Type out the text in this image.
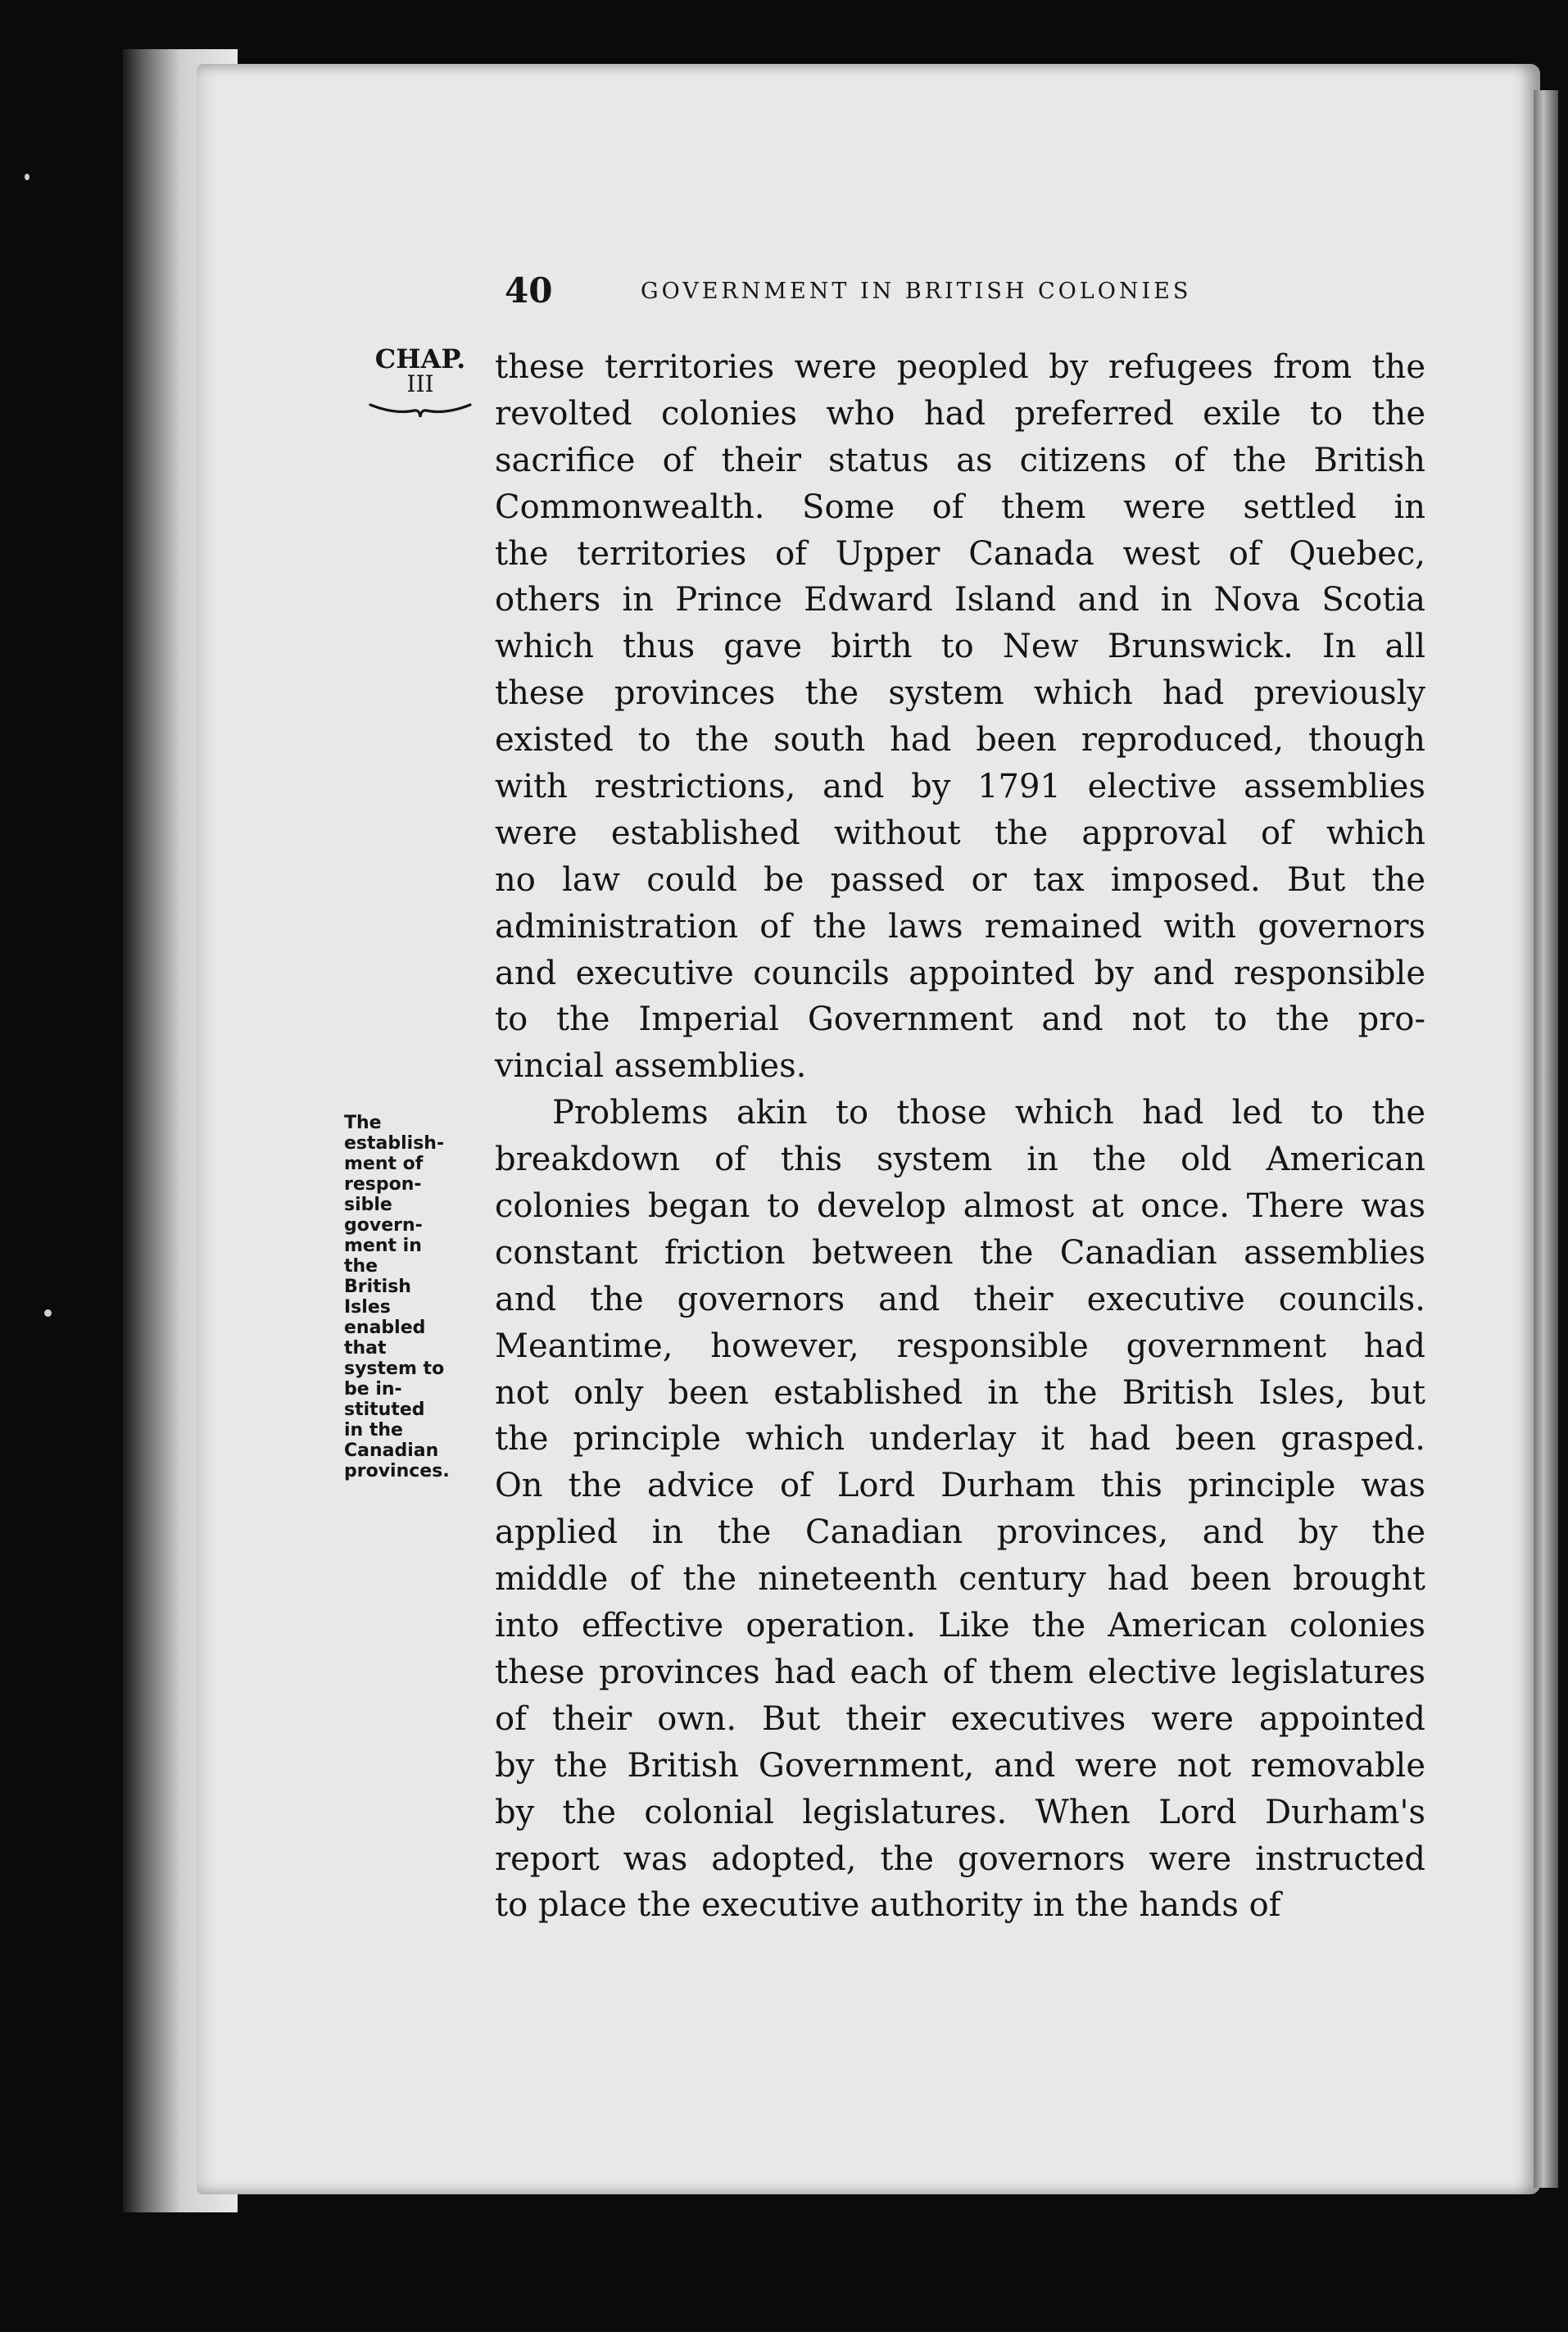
40	GOVERNMENT IN BRITISH COLONIES
CHAP.
III
The
establish-
ment of
respon-
sible
govern-
ment in
the
British
Isles
enabled
that
system to
be in-
stituted
in the
Canadian
provinces.
these territories were peopled by refugees from the
revolted colonies who had preferred exile to the
sacrifice of their status as citizens of the British
Commonwealth. Some of them were settled in
the territories of Upper Canada west of Quebec,
others in Prince Edward Island and in Nova Scotia
which thus gave birth to New Brunswick. In all
these provinces the system which had previously
existed to the south had been reproduced, though
with restrictions, and by 1791 elective assemblies
were established without the approval of which
no law could be passed or tax imposed. But the
administration of the laws remained with governors
and executive councils appointed by and responsible
to the Imperial Government and not to the pro-
vincial assemblies.
Problems akin to those which had led to the
breakdown of this system in the old American
colonies began to develop almost at once. There was
constant friction between the Canadian assemblies
and the governors and their executive councils.
Meantime, however, responsible government had
not only been established in the British Isles, but
the principle which underlay it had been grasped.
On the advice of Lord Durham this principle was
applied in the Canadian provinces, and by the
middle of the nineteenth century had been brought
into effective operation. Like the American colonies
these provinces had each of them elective legislatures
of their own. But their executives were appointed
by the British Government, and were not removable
by the colonial legislatures. When Lord Durham's
report was adopted, the governors were instructed
to place the executive authority in the hands of
